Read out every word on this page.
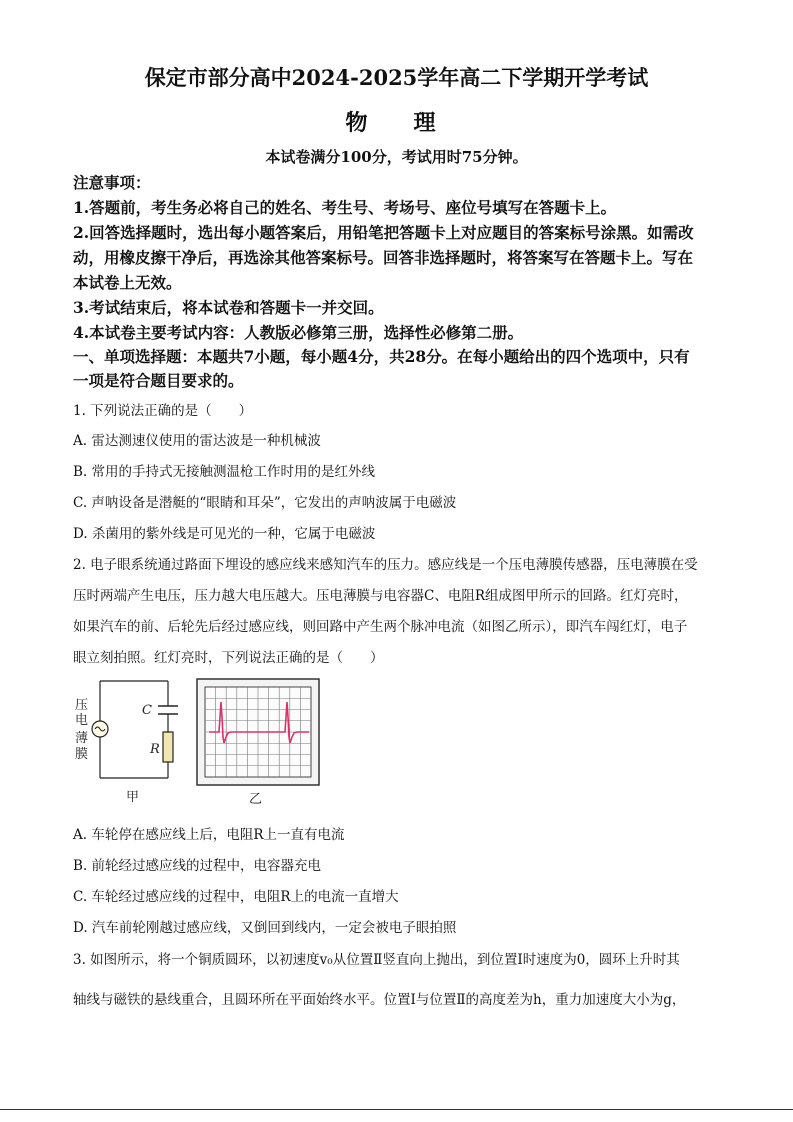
保定市部分高中2024-2025学年高二下学期开学考试
物　理
本试卷满分100分，考试用时75分钟。
注意事项：
1.答题前，考生务必将自己的姓名、考生号、考场号、座位号填写在答题卡上。
2.回答选择题时，选出每小题答案后，用铅笔把答题卡上对应题目的答案标号涂黑。如需改
动，用橡皮擦干净后，再选涂其他答案标号。回答非选择题时，将答案写在答题卡上。写在
本试卷上无效。
3.考试结束后，将本试卷和答题卡一并交回。
4.本试卷主要考试内容：人教版必修第三册，选择性必修第二册。
一、单项选择题：本题共7小题，每小题4分，共28分。在每小题给出的四个选项中，只有
一项是符合题目要求的。
1. 下列说法正确的是（　　）
A. 雷达测速仪使用的雷达波是一种机械波
B. 常用的手持式无接触测温枪工作时用的是红外线
C. 声呐设备是潜艇的“眼睛和耳朵”，它发出的声呐波属于电磁波
D. 杀菌用的紫外线是可见光的一种，它属于电磁波
2. 电子眼系统通过路面下埋设的感应线来感知汽车的压力。感应线是一个压电薄膜传感器，压电薄膜在受
压时两端产生电压，压力越大电压越大。压电薄膜与电容器C、电阻R组成图甲所示的回路。红灯亮时，
如果汽车的前、后轮先后经过感应线，则回路中产生两个脉冲电流（如图乙所示），即汽车闯红灯，电子
眼立刻拍照。红灯亮时，下列说法正确的是（　　）
压
电
薄
膜
C
R
甲	乙
A. 车轮停在感应线上后，电阻R上一直有电流
B. 前轮经过感应线的过程中，电容器充电
C. 车轮经过感应线的过程中，电阻R上的电流一直增大
D. 汽车前轮刚越过感应线，又倒回到线内，一定会被电子眼拍照
3. 如图所示，将一个铜质圆环，以初速度v₀从位置Ⅱ竖直向上抛出，到位置Ⅰ时速度为0，圆环上升时其
轴线与磁铁的悬线重合，且圆环所在平面始终水平。位置Ⅰ与位置Ⅱ的高度差为h，重力加速度大小为g，
